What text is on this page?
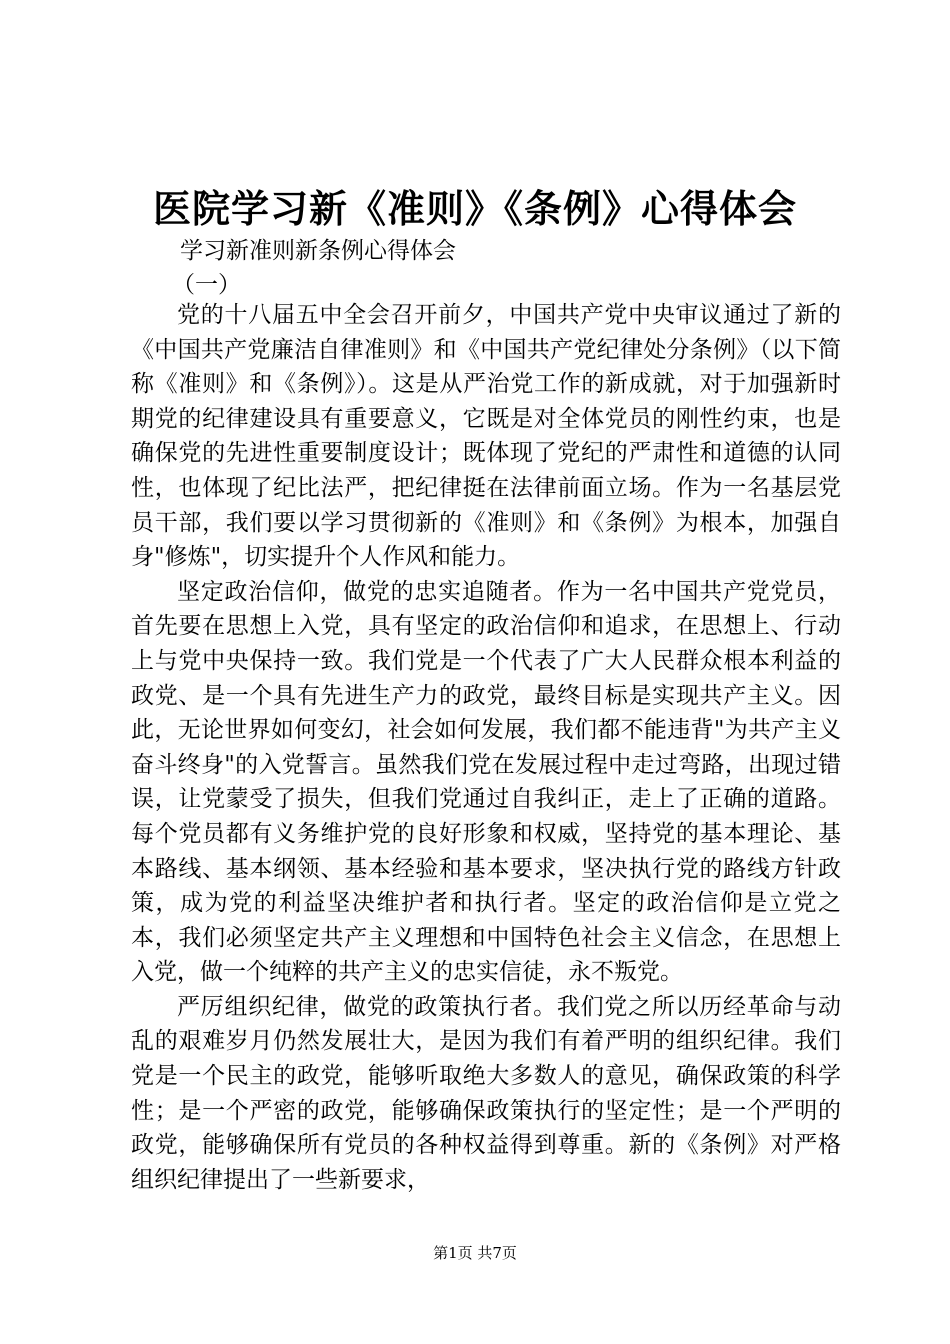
医院学习新《准则》《条例》心得体会
学习新准则新条例心得体会
（一）

党的十八届五中全会召开前夕，中国共产党中央审议通过了新的《中国共产党廉洁自律准则》和《中国共产党纪律处分条例》（以下简称《准则》和《条例》）。这是从严治党工作的新成就，对于加强新时期党的纪律建设具有重要意义，它既是对全体党员的刚性约束，也是确保党的先进性重要制度设计；既体现了党纪的严肃性和道德的认同性，也体现了纪比法严，把纪律挺在法律前面立场。作为一名基层党员干部，我们要以学习贯彻新的《准则》和《条例》为根本，加强自身"修炼"，切实提升个人作风和能力。

坚定政治信仰，做党的忠实追随者。作为一名中国共产党党员，首先要在思想上入党，具有坚定的政治信仰和追求，在思想上、行动上与党中央保持一致。我们党是一个代表了广大人民群众根本利益的政党、是一个具有先进生产力的政党，最终目标是实现共产主义。因此，无论世界如何变幻，社会如何发展，我们都不能违背"为共产主义奋斗终身"的入党誓言。虽然我们党在发展过程中走过弯路，出现过错误，让党蒙受了损失，但我们党通过自我纠正，走上了正确的道路。每个党员都有义务维护党的良好形象和权威，坚持党的基本理论、基本路线、基本纲领、基本经验和基本要求，坚决执行党的路线方针政策，成为党的利益坚决维护者和执行者。坚定的政治信仰是立党之本，我们必须坚定共产主义理想和中国特色社会主义信念，在思想上入党，做一个纯粹的共产主义的忠实信徒，永不叛党。

严厉组织纪律，做党的政策执行者。我们党之所以历经革命与动乱的艰难岁月仍然发展壮大，是因为我们有着严明的组织纪律。我们党是一个民主的政党，能够听取绝大多数人的意见，确保政策的科学性；是一个严密的政党，能够确保政策执行的坚定性；是一个严明的政党，能够确保所有党员的各种权益得到尊重。新的《条例》对严格组织纪律提出了一些新要求，

第1页 共7页
